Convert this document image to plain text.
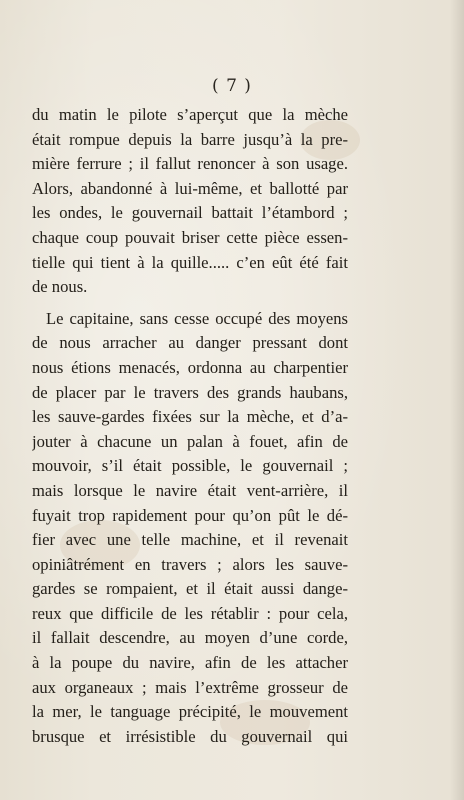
( 7 )
du matin le pilote s’aperçut que la mèche
était rompue depuis la barre jusqu’à la pre-
mière ferrure ; il fallut renoncer à son usage.
Alors, abandonné à lui-même, et ballotté par
les ondes, le gouvernail battait l’étambord ;
chaque coup pouvait briser cette pièce essen-
tielle qui tient à la quille..... c’en eût été fait
de nous.
Le capitaine, sans cesse occupé des moyens
de nous arracher au danger pressant dont
nous étions menacés, ordonna au charpentier
de placer par le travers des grands haubans,
les sauve-gardes fixées sur la mèche, et d’a-
jouter à chacune un palan à fouet, afin de
mouvoir, s’il était possible, le gouvernail ;
mais lorsque le navire était vent-arrière, il
fuyait trop rapidement pour qu’on pût le dé-
fier avec une telle machine, et il revenait
opiniâtrément en travers ; alors les sauve-
gardes se rompaient, et il était aussi dange-
reux que difficile de les rétablir : pour cela,
il fallait descendre, au moyen d’une corde,
à la poupe du navire, afin de les attacher
aux organeaux ; mais l’extrême grosseur de
la mer, le tanguage précipité, le mouvement
brusque et irrésistible du gouvernail qui
